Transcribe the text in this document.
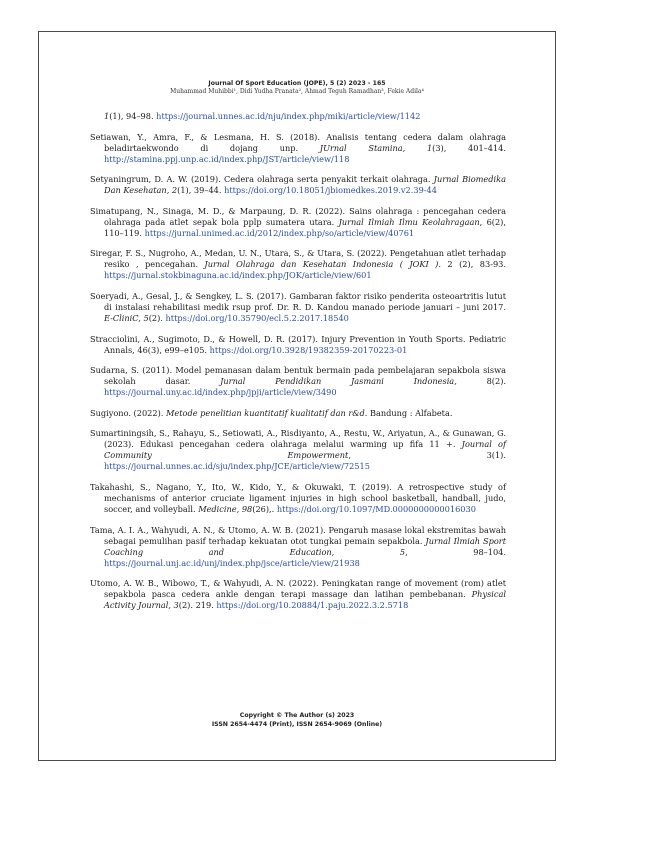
Journal Of Sport Education (JOPE), 5 (2) 2023 - 165
Muhammad Muhibbi¹, Didi Yudha Pranata², Ahmad Teguh Ramadhan³, Fekie Adila⁴

1(1), 94–98. https://journal.unnes.ac.id/nju/index.php/miki/article/view/1142

Setiawan, Y., Amra, F., & Lesmana, H. S. (2018). Analisis tentang cedera dalam olahraga beladirtaekwondo di dojang unp. JUrnal Stamina, 1(3), 401–414. http://stamina.ppj.unp.ac.id/index.php/JST/article/view/118

Setyaningrum, D. A. W. (2019). Cedera olahraga serta penyakit terkait olahraga. Jurnal Biomedika Dan Kesehatan, 2(1), 39–44. https://doi.org/10.18051/jbiomedkes.2019.v2.39-44

Simatupang, N., Sinaga, M. D., & Marpaung, D. R. (2022). Sains olahraga : pencegahan cedera olahraga pada atlet sepak bola pplp sumatera utara. Jurnal Ilmiah Ilmu Keolahragaan, 6(2), 110–119. https://jurnal.unimed.ac.id/2012/index.php/so/article/view/40761

Siregar, F. S., Nugroho, A., Medan, U. N., Utara, S., & Utara, S. (2022). Pengetahuan atlet terhadap resiko , pencegahan. Jurnal Olahraga dan Kesehatan Indonesia ( JOKI ). 2 (2), 83-93. https://jurnal.stokbinaguna.ac.id/index.php/JOK/article/view/601

Soeryadi, A., Gesal, J., & Sengkey, L. S. (2017). Gambaran faktor risiko penderita osteoartritis lutut di instalasi rehabilitasi medik rsup prof. Dr. R. D. Kandou manado periode januari – juni 2017. E-CliniC, 5(2). https://doi.org/10.35790/ecl.5.2.2017.18540

Stracciolini, A., Sugimoto, D., & Howell, D. R. (2017). Injury Prevention in Youth Sports. Pediatric Annals, 46(3), e99–e105. https://doi.org/10.3928/19382359-20170223-01

Sudarna, S. (2011). Model pemanasan dalam bentuk bermain pada pembelajaran sepakbola siswa sekolah dasar. Jurnal Pendidikan Jasmani Indonesia, 8(2). https://journal.uny.ac.id/index.php/jpji/article/view/3490

Sugiyono. (2022). Metode penelitian kuantitatif kualitatif dan r&d. Bandung : Alfabeta.

Sumartiningsih, S., Rahayu, S., Setiowati, A., Risdiyanto, A., Restu, W., Ariyatun, A., & Gunawan, G. (2023). Edukasi pencegahan cedera olahraga melalui warming up fifa 11 +. Journal of Community Empowerment, 3(1). https://journal.unnes.ac.id/sju/index.php/JCE/article/view/72515

Takahashi, S., Nagano, Y., Ito, W., Kido, Y., & Okuwaki, T. (2019). A retrospective study of mechanisms of anterior cruciate ligament injuries in high school basketball, handball, judo, soccer, and volleyball. Medicine, 98(26),. https://doi.org/10.1097/MD.0000000000016030

Tama, A. I. A., Wahyudi, A. N., & Utomo, A. W. B. (2021). Pengaruh masase lokal ekstremitas bawah sebagai pemulihan pasif terhadap kekuatan otot tungkai pemain sepakbola. Jurnal Ilmiah Sport Coaching and Education, 5, 98–104. https://journal.unj.ac.id/unj/index.php/jsce/article/view/21938

Utomo, A. W. B., Wibowo, T., & Wahyudi, A. N. (2022). Peningkatan range of movement (rom) atlet sepakbola pasca cedera ankle dengan terapi massage dan latihan pembebanan. Physical Activity Journal, 3(2). 219. https://doi.org/10.20884/1.paju.2022.3.2.5718

Copyright © The Author (s) 2023
ISSN 2654-4474 (Print), ISSN 2654-9069 (Online)
